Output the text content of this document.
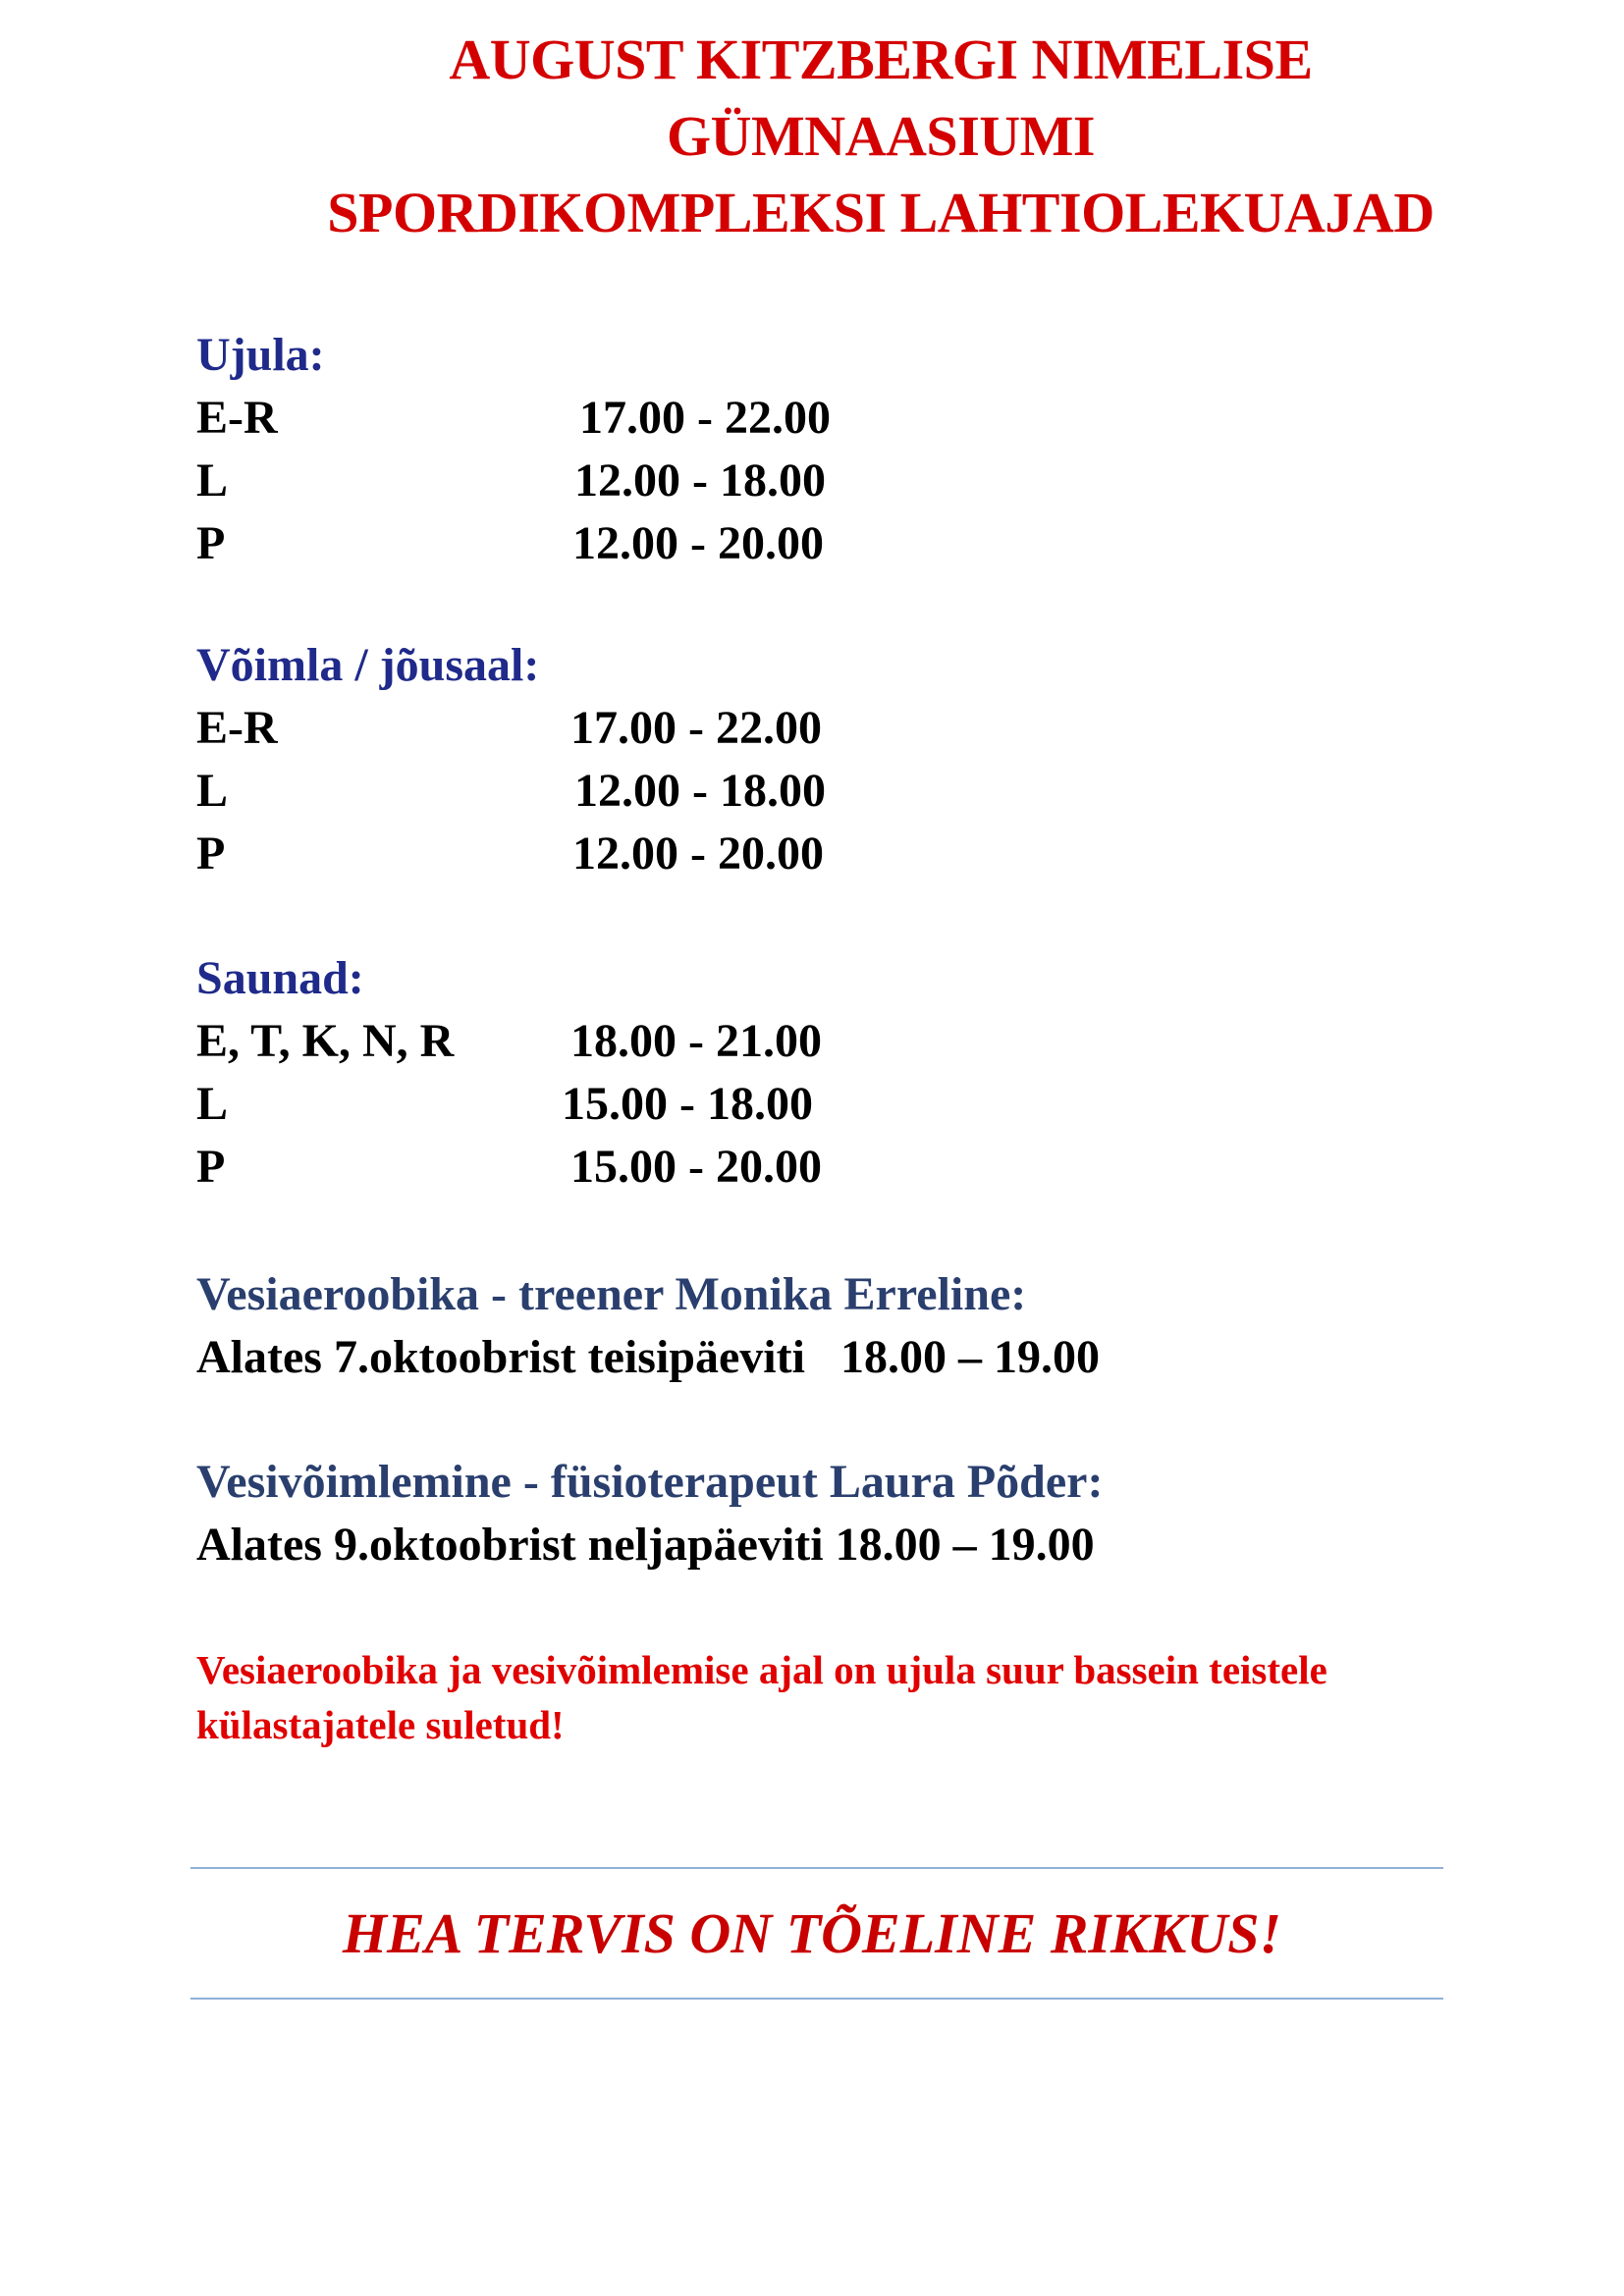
AUGUST KITZBERGI NIMELISE
GÜMNAASIUMI
SPORDIKOMPLEKSI LAHTIOLEKUAJAD
Ujula:
E-R	17.00 - 22.00
L	12.00 - 18.00
P	12.00 - 20.00
Võimla / jõusaal:
E-R	17.00 - 22.00
L	12.00 - 18.00
P	12.00 - 20.00
Saunad:
E, T, K, N, R 18.00 - 21.00
L	15.00 - 18.00
P	15.00 - 20.00
Vesiaeroobika - treener Monika Erreline:
Alates 7.oktoobrist teisipäeviti   18.00 – 19.00
Vesivõimlemine - füsioterapeut Laura Põder:
Alates 9.oktoobrist neljapäeviti 18.00 – 19.00
Vesiaeroobika ja vesivõimlemise ajal on ujula suur bassein teistele külastajatele suletud!
HEA TERVIS ON TÕELINE RIKKUS!
